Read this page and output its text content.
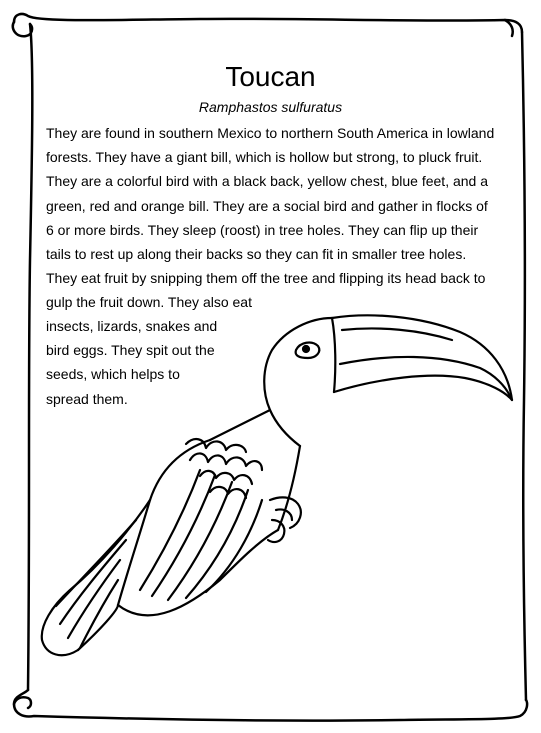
Toucan

Ramphastos sulfuratus

They are found in southern Mexico to northern South America in lowland
forests. They have a giant bill, which is hollow but strong, to pluck fruit.
They are a colorful bird with a black back, yellow chest, blue feet, and a
green, red and orange bill. They are a social bird and gather in flocks of
6 or more birds. They sleep (roost) in tree holes. They can flip up their
tails to rest up along their backs so they can fit in smaller tree holes.
They eat fruit by snipping them off the tree and flipping its head back to
gulp the fruit down. They also eat
insects, lizards, snakes and
bird eggs. They spit out the
seeds, which helps to
spread them.
